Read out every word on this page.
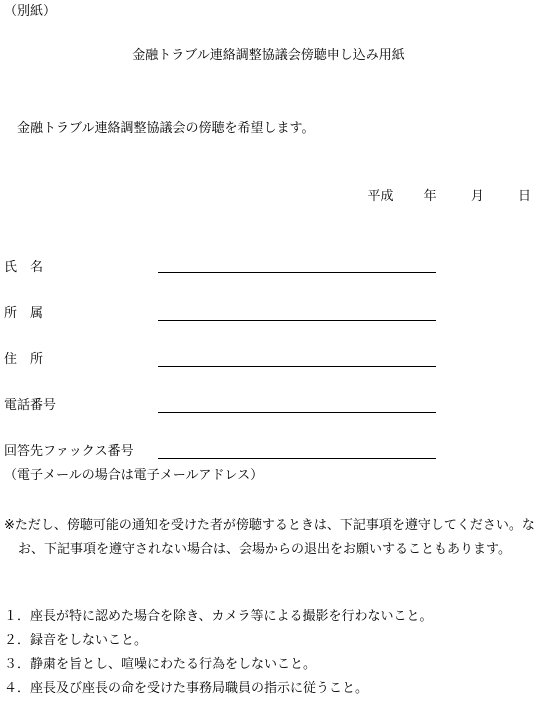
（別紙）
金融トラブル連絡調整協議会傍聴申し込み用紙
金融トラブル連絡調整協議会の傍聴を希望します。
平成 年	月	日
氏　名
所　属
住　所
電話番号
回答先ファックス番号
（電子メールの場合は電子メールアドレス）
※ただし、傍聴可能の通知を受けた者が傍聴するときは、下記事項を遵守してください。なお、下記事項を遵守されない場合は、会場からの退出をお願いすることもあります。
１．座長が特に認めた場合を除き、カメラ等による撮影を行わないこと。
２．録音をしないこと。
３．静粛を旨とし、喧噪にわたる行為をしないこと。
４．座長及び座長の命を受けた事務局職員の指示に従うこと。
